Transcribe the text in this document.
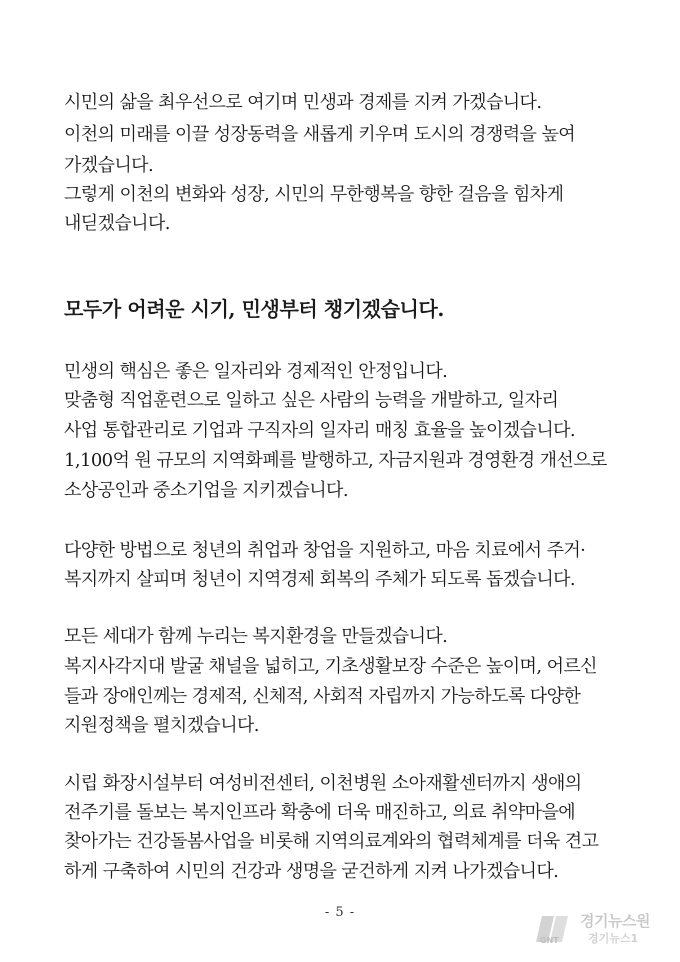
시민의 삶을 최우선으로 여기며 민생과 경제를 지켜 가겠습니다.
이천의 미래를 이끌 성장동력을 새롭게 키우며 도시의 경쟁력을 높여
가겠습니다.
그렇게 이천의 변화와 성장, 시민의 무한행복을 향한 걸음을 힘차게
내딛겠습니다.
모두가 어려운 시기, 민생부터 챙기겠습니다.
민생의 핵심은 좋은 일자리와 경제적인 안정입니다.
맞춤형 직업훈련으로 일하고 싶은 사람의 능력을 개발하고, 일자리
사업 통합관리로 기업과 구직자의 일자리 매칭 효율을 높이겠습니다.
1,100억 원 규모의 지역화폐를 발행하고, 자금지원과 경영환경 개선으로
소상공인과 중소기업을 지키겠습니다.
다양한 방법으로 청년의 취업과 창업을 지원하고, 마음 치료에서 주거·
복지까지 살피며 청년이 지역경제 회복의 주체가 되도록 돕겠습니다.
모든 세대가 함께 누리는 복지환경을 만들겠습니다.
복지사각지대 발굴 채널을 넓히고, 기초생활보장 수준은 높이며, 어르신
들과 장애인께는 경제적, 신체적, 사회적 자립까지 가능하도록 다양한
지원정책을 펼치겠습니다.
시립 화장시설부터 여성비전센터, 이천병원 소아재활센터까지 생애의
전주기를 돌보는 복지인프라 확충에 더욱 매진하고, 의료 취약마을에
찾아가는 건강돌봄사업을 비롯해 지역의료계와의 협력체계를 더욱 견고
하게 구축하여 시민의 건강과 생명을 굳건하게 지켜 나가겠습니다.
- 5 -
GNT
경기뉴스원
경기뉴스1
